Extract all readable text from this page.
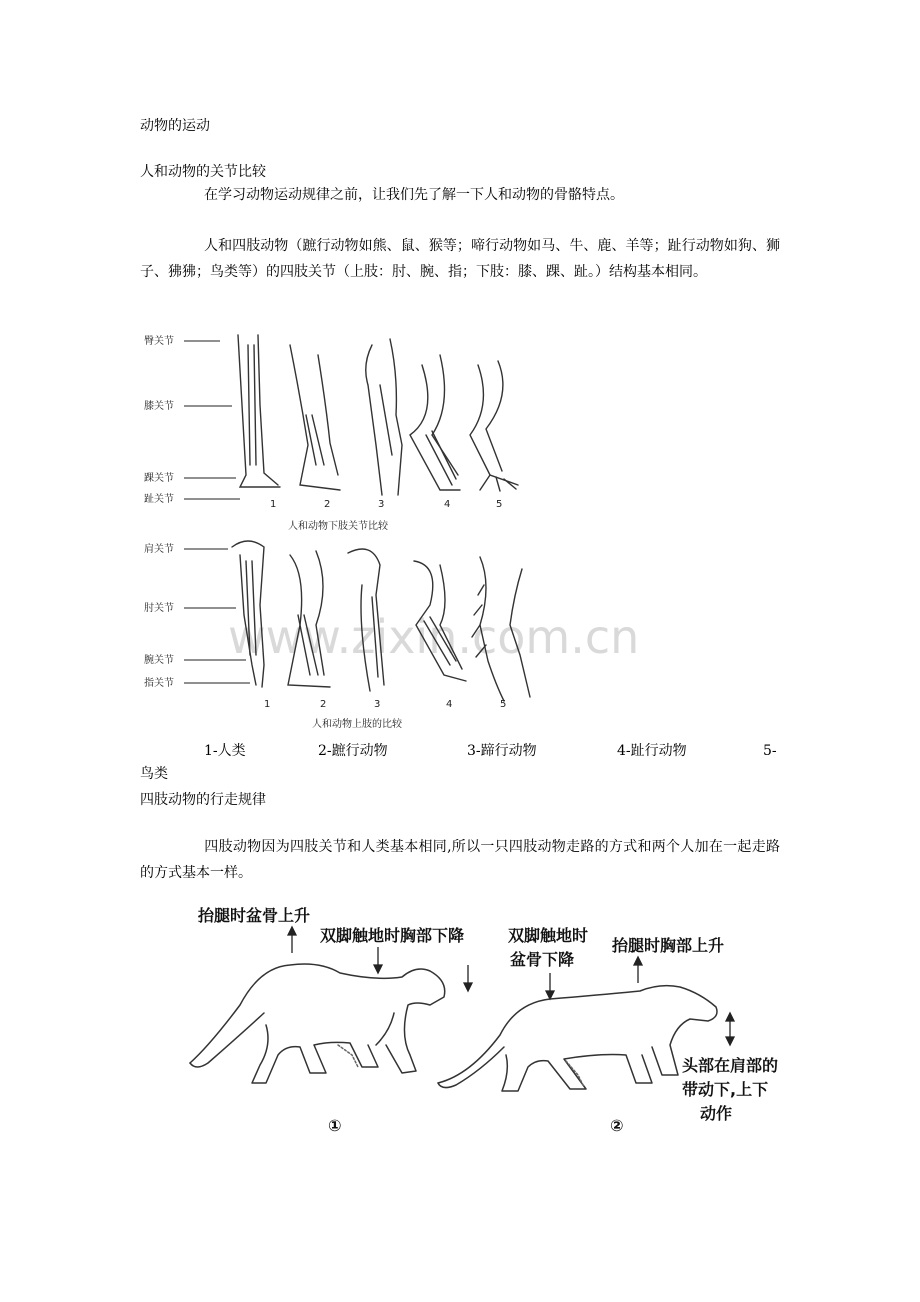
动物的运动
人和动物的关节比较
在学习动物运动规律之前，让我们先了解一下人和动物的骨骼特点。
人和四肢动物（蹠行动物如熊、鼠、猴等；啼行动物如马、牛、鹿、羊等；趾行动物如狗、狮子、狒狒；鸟类等）的四肢关节（上肢：肘、腕、指；下肢：膝、踝、趾。）结构基本相同。
www.zixin.com.cn
臀关节
膝关节
踝关节
趾关节	1	2	3	4	5
人和动物下肢关节比较
肩关节
肘关节
腕关节
指关节
1	2	3	4	5
人和动物上肢的比较
1-人类	2-蹠行动物	3-蹄行动物	4-趾行动物	5-
鸟类
四肢动物的行走规律
四肢动物因为四肢关节和人类基本相同,所以一只四肢动物走路的方式和两个人加在一起走路的方式基本一样。
抬腿时盆骨上升
双脚触地时胸部下降	双脚触地时
盆骨下降
抬腿时胸部上升
头部在肩部的
带动下,上下
动作
①	②
